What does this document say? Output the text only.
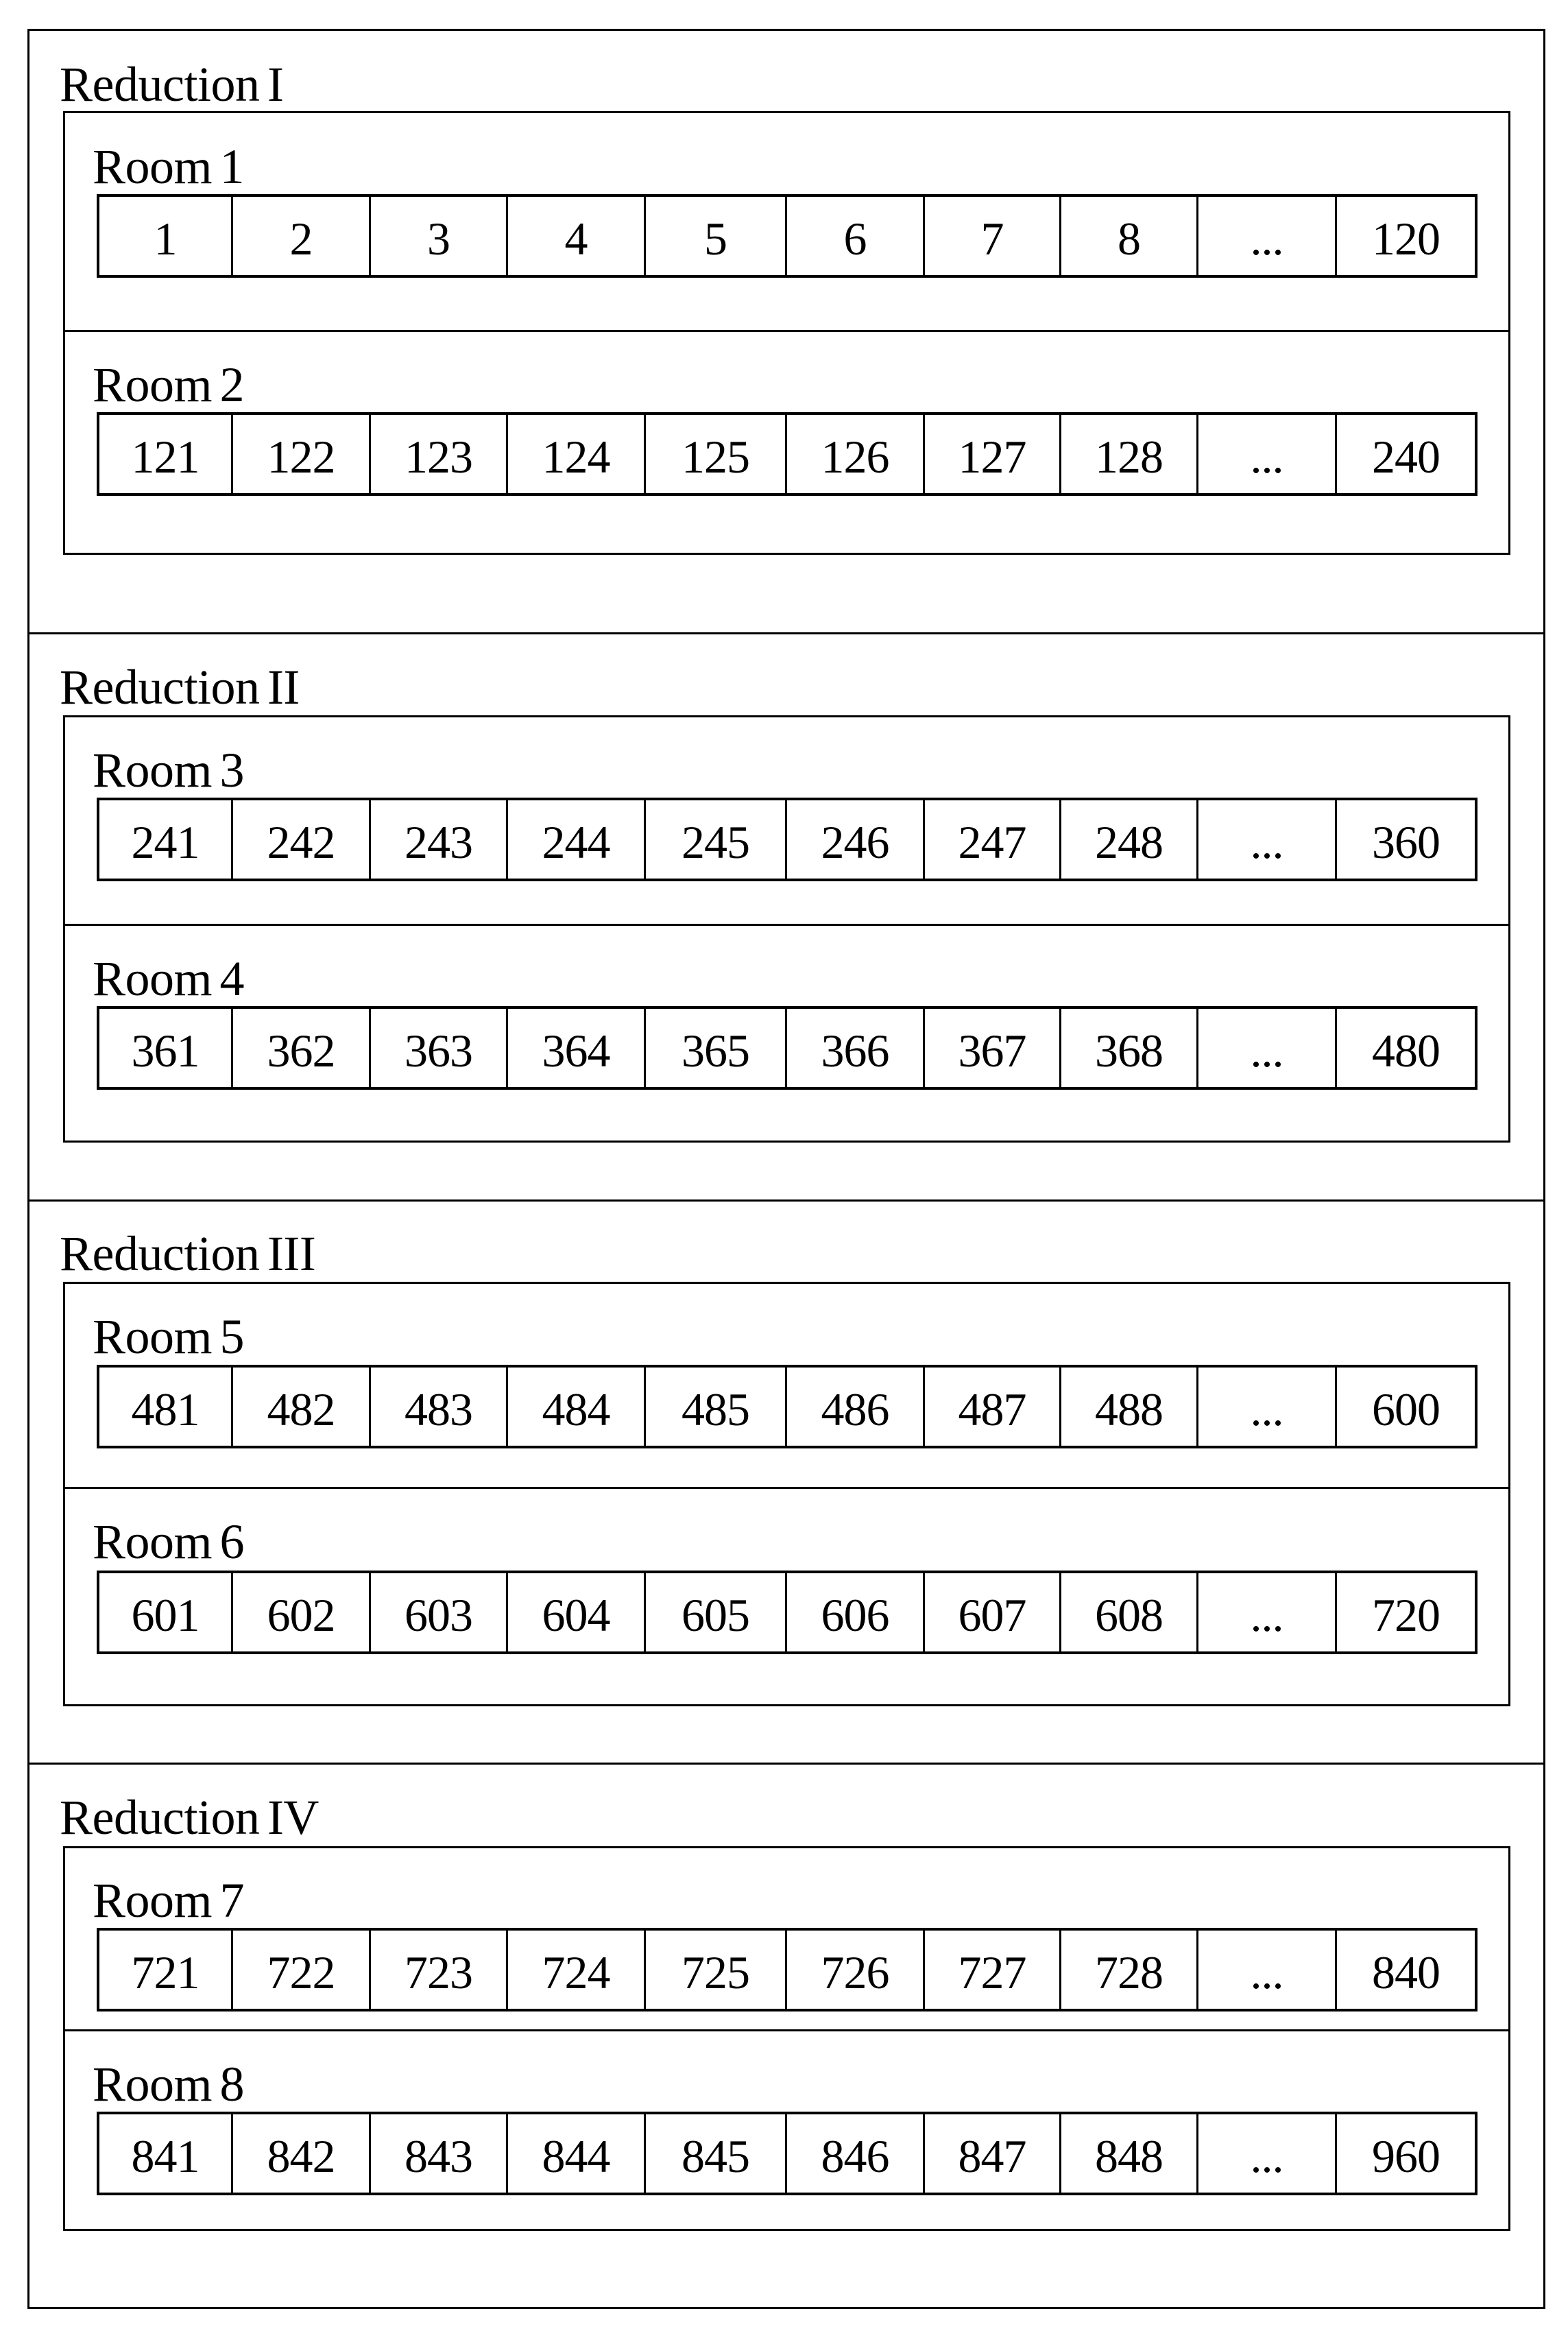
Reduction I
Room 1
1	2	3	4	5	6	7	8	...	120
Room 2
121	122	123	124	125	126	127	128	...	240
Reduction II
Room 3
241	242	243	244	245	246	247	248	...	360
Room 4
361	362	363	364	365	366	367	368	...	480
Reduction III
Room 5
481	482	483	484	485	486	487	488	...	600
Room 6
601	602	603	604	605	606	607	608	...	720
Reduction IV
Room 7
721	722	723	724	725	726	727	728	...	840
Room 8
841	842	843	844	845	846	847	848	...	960
